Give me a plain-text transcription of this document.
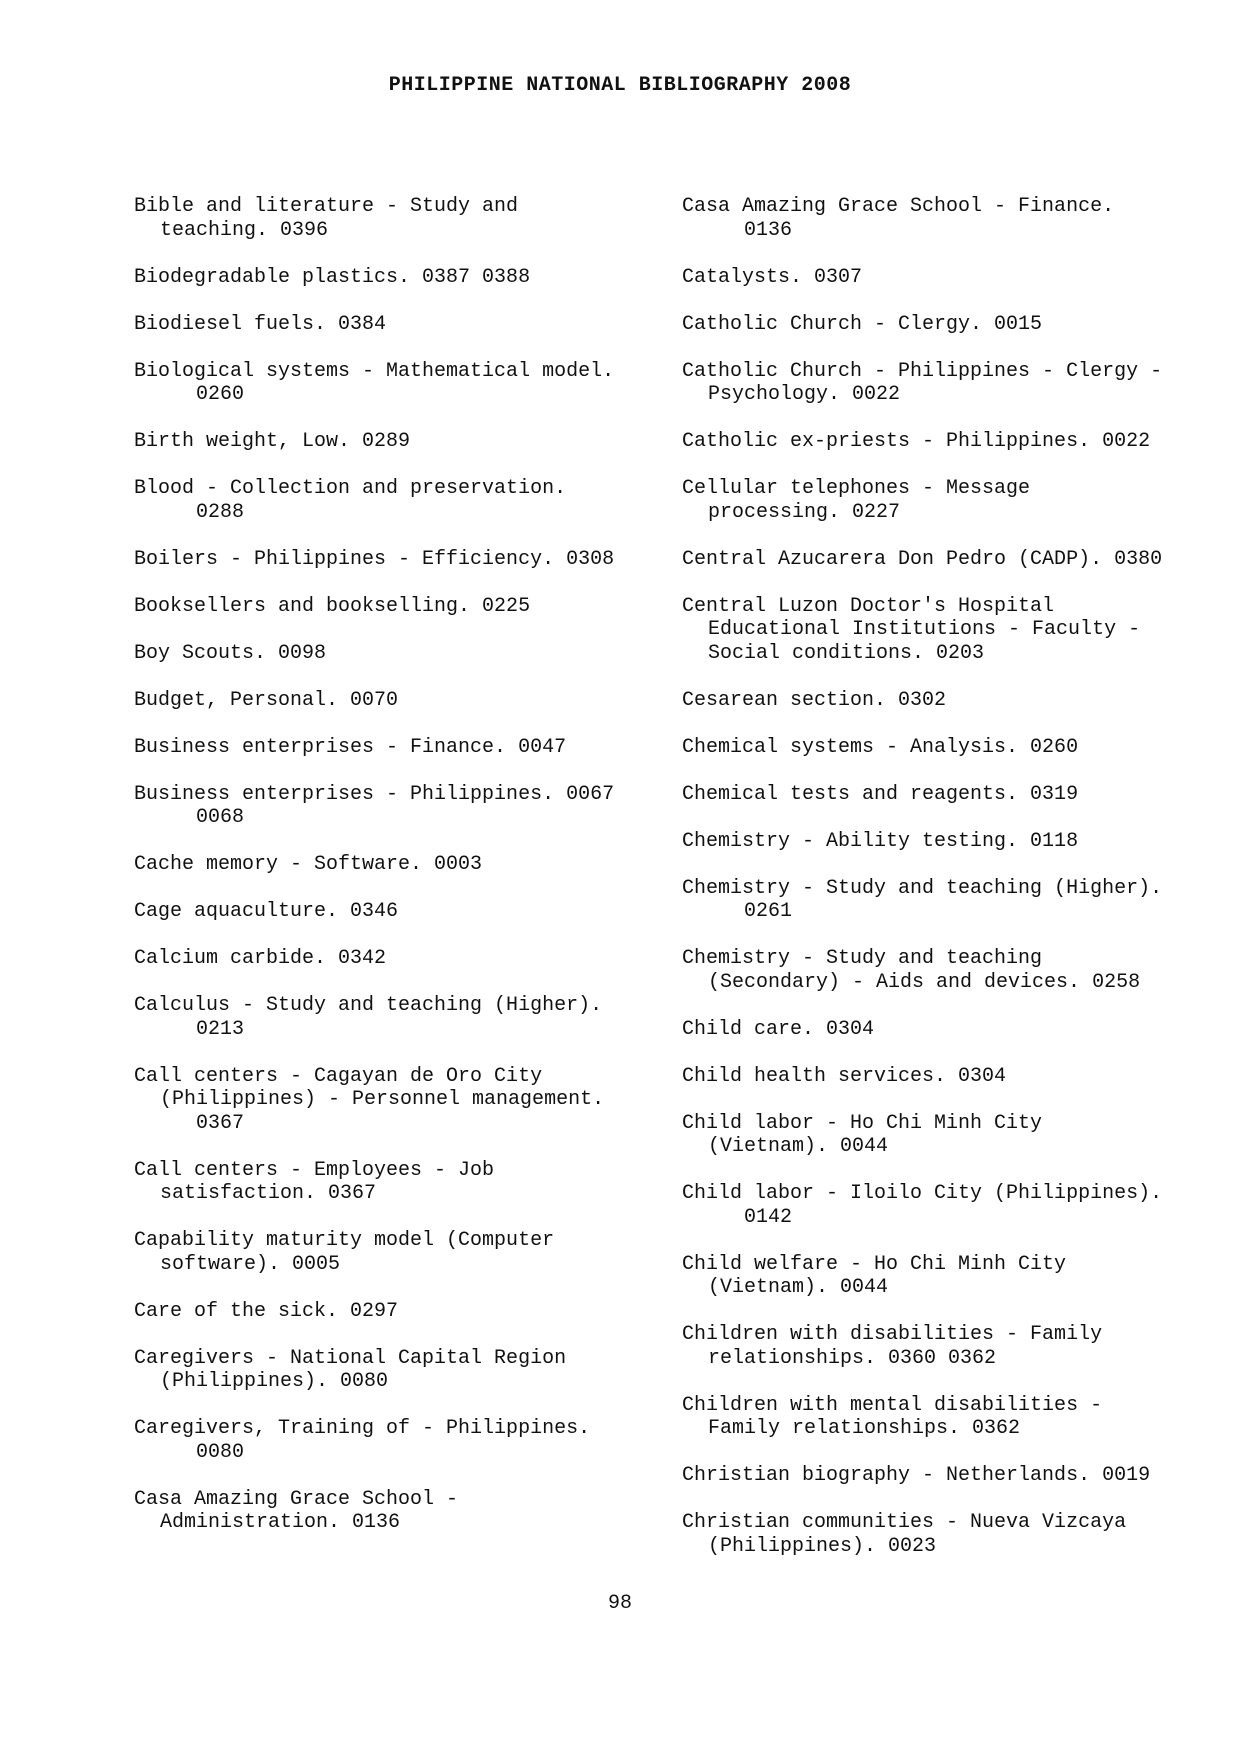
PHILIPPINE NATIONAL BIBLIOGRAPHY 2008
Bible and literature - Study and
teaching. 0396
Biodegradable plastics. 0387 0388
Biodiesel fuels. 0384
Biological systems - Mathematical model.
0260
Birth weight, Low. 0289
Blood - Collection and preservation.
0288
Boilers - Philippines - Efficiency. 0308
Booksellers and bookselling. 0225
Boy Scouts. 0098
Budget, Personal. 0070
Business enterprises - Finance. 0047
Business enterprises - Philippines. 0067
0068
Cache memory - Software. 0003
Cage aquaculture. 0346
Calcium carbide. 0342
Calculus - Study and teaching (Higher).
0213
Call centers - Cagayan de Oro City
(Philippines) - Personnel management.
0367
Call centers - Employees - Job
satisfaction. 0367
Capability maturity model (Computer
software). 0005
Care of the sick. 0297
Caregivers - National Capital Region
(Philippines). 0080
Caregivers, Training of - Philippines.
0080
Casa Amazing Grace School -
Administration. 0136
Casa Amazing Grace School - Finance.
0136
Catalysts. 0307
Catholic Church - Clergy. 0015
Catholic Church - Philippines - Clergy -
Psychology. 0022
Catholic ex-priests - Philippines. 0022
Cellular telephones - Message
processing. 0227
Central Azucarera Don Pedro (CADP). 0380
Central Luzon Doctor's Hospital
Educational Institutions - Faculty -
Social conditions. 0203
Cesarean section. 0302
Chemical systems - Analysis. 0260
Chemical tests and reagents. 0319
Chemistry - Ability testing. 0118
Chemistry - Study and teaching (Higher).
0261
Chemistry - Study and teaching
(Secondary) - Aids and devices. 0258
Child care. 0304
Child health services. 0304
Child labor - Ho Chi Minh City
(Vietnam). 0044
Child labor - Iloilo City (Philippines).
0142
Child welfare - Ho Chi Minh City
(Vietnam). 0044
Children with disabilities - Family
relationships. 0360 0362
Children with mental disabilities -
Family relationships. 0362
Christian biography - Netherlands. 0019
Christian communities - Nueva Vizcaya
(Philippines). 0023
98
